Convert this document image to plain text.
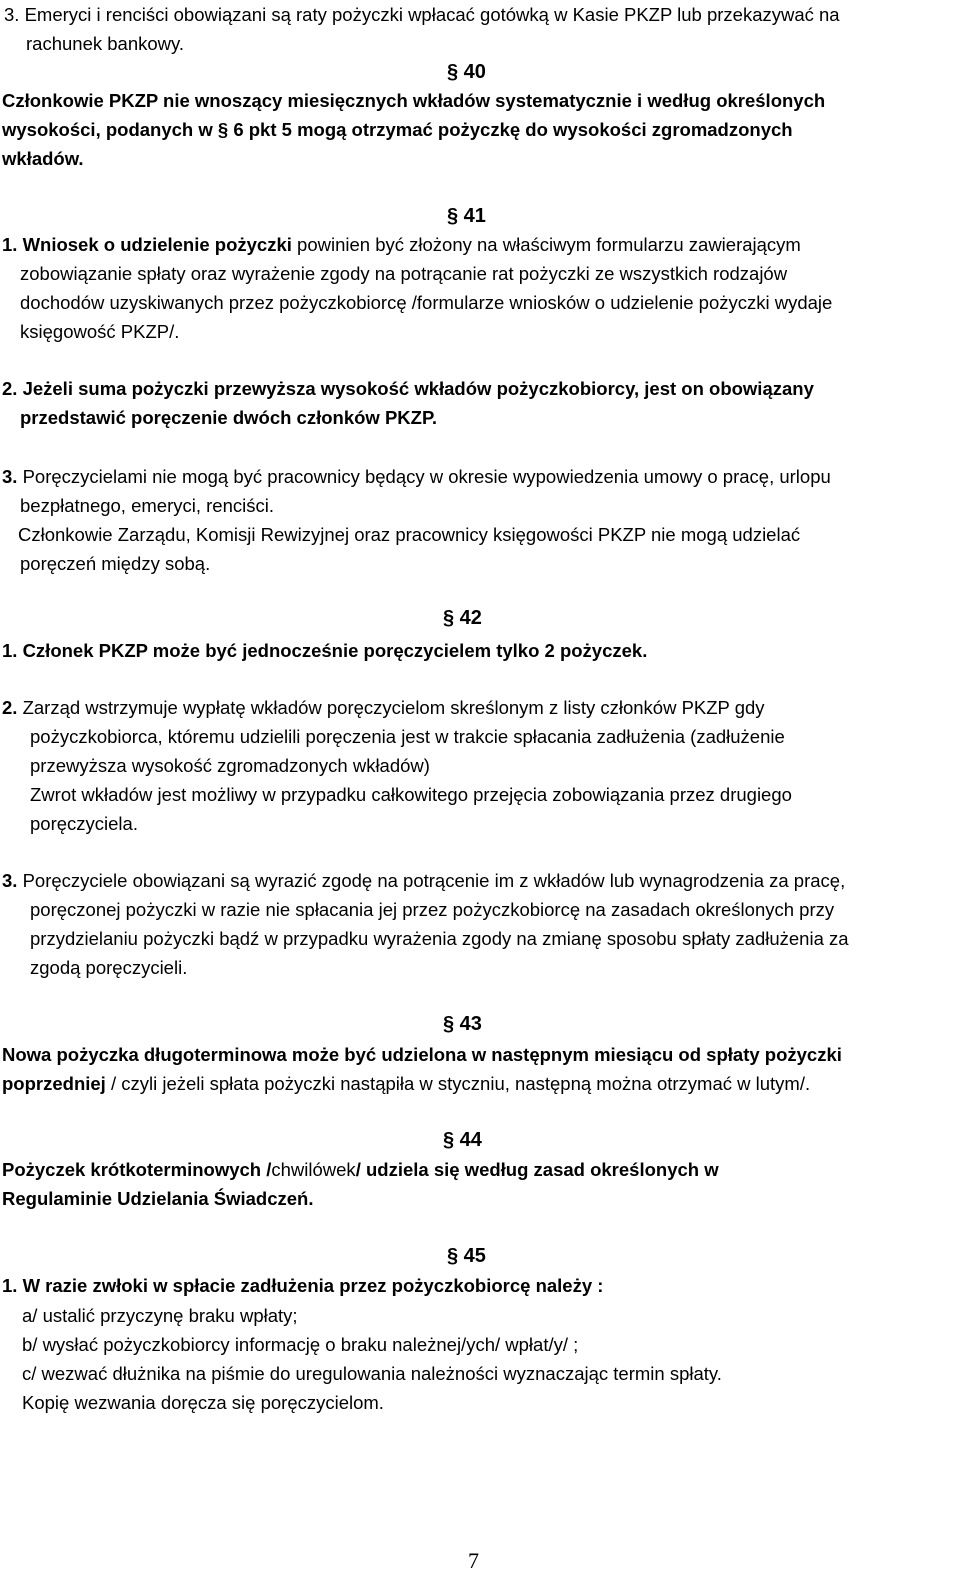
3. Emeryci i renciści obowiązani są raty pożyczki wpłacać gotówką w Kasie PKZP lub przekazywać na
rachunek bankowy.
§ 40
Członkowie PKZP nie wnoszący miesięcznych wkładów systematycznie i według określonych
wysokości, podanych w § 6 pkt 5 mogą otrzymać pożyczkę do wysokości zgromadzonych
wkładów.
§ 41
1. Wniosek o udzielenie pożyczki powinien być złożony na właściwym formularzu zawierającym
zobowiązanie spłaty oraz wyrażenie zgody na potrącanie rat pożyczki ze wszystkich rodzajów
dochodów uzyskiwanych przez pożyczkobiorcę /formularze wniosków o udzielenie pożyczki wydaje
księgowość PKZP/.
2. Jeżeli suma pożyczki przewyższa wysokość wkładów pożyczkobiorcy, jest on obowiązany
przedstawić poręczenie dwóch członków PKZP.
3. Poręczycielami nie mogą być pracownicy będący w okresie wypowiedzenia umowy o pracę, urlopu
bezpłatnego, emeryci, renciści.
Członkowie Zarządu, Komisji Rewizyjnej oraz pracownicy księgowości PKZP nie mogą udzielać
poręczeń między sobą.
§ 42
1. Członek PKZP może być jednocześnie poręczycielem tylko 2 pożyczek.
2. Zarząd wstrzymuje wypłatę wkładów poręczycielom skreślonym z listy członków PKZP gdy
pożyczkobiorca, któremu udzielili poręczenia jest w trakcie spłacania zadłużenia (zadłużenie
przewyższa wysokość zgromadzonych wkładów)
Zwrot wkładów jest możliwy w przypadku całkowitego przejęcia zobowiązania przez drugiego
poręczyciela.
3. Poręczyciele obowiązani są wyrazić zgodę na potrącenie im z wkładów lub wynagrodzenia za pracę,
poręczonej pożyczki w razie nie spłacania jej przez pożyczkobiorcę na zasadach określonych przy
przydzielaniu pożyczki bądź w przypadku wyrażenia zgody na zmianę sposobu spłaty zadłużenia za
zgodą poręczycieli.
§ 43
Nowa pożyczka długoterminowa może być udzielona w następnym miesiącu od spłaty pożyczki
poprzedniej / czyli jeżeli spłata pożyczki nastąpiła w styczniu, następną można otrzymać w lutym/.
§ 44
Pożyczek krótkoterminowych /chwilówek/ udziela się według zasad określonych w
Regulaminie Udzielania Świadczeń.
§ 45
1. W razie zwłoki w spłacie zadłużenia przez pożyczkobiorcę należy :
a/ ustalić przyczynę braku wpłaty;
b/ wysłać pożyczkobiorcy informację o braku należnej/ych/ wpłat/y/ ;
c/ wezwać dłużnika na piśmie do uregulowania należności wyznaczając termin spłaty.
Kopię wezwania doręcza się poręczycielom.
7
